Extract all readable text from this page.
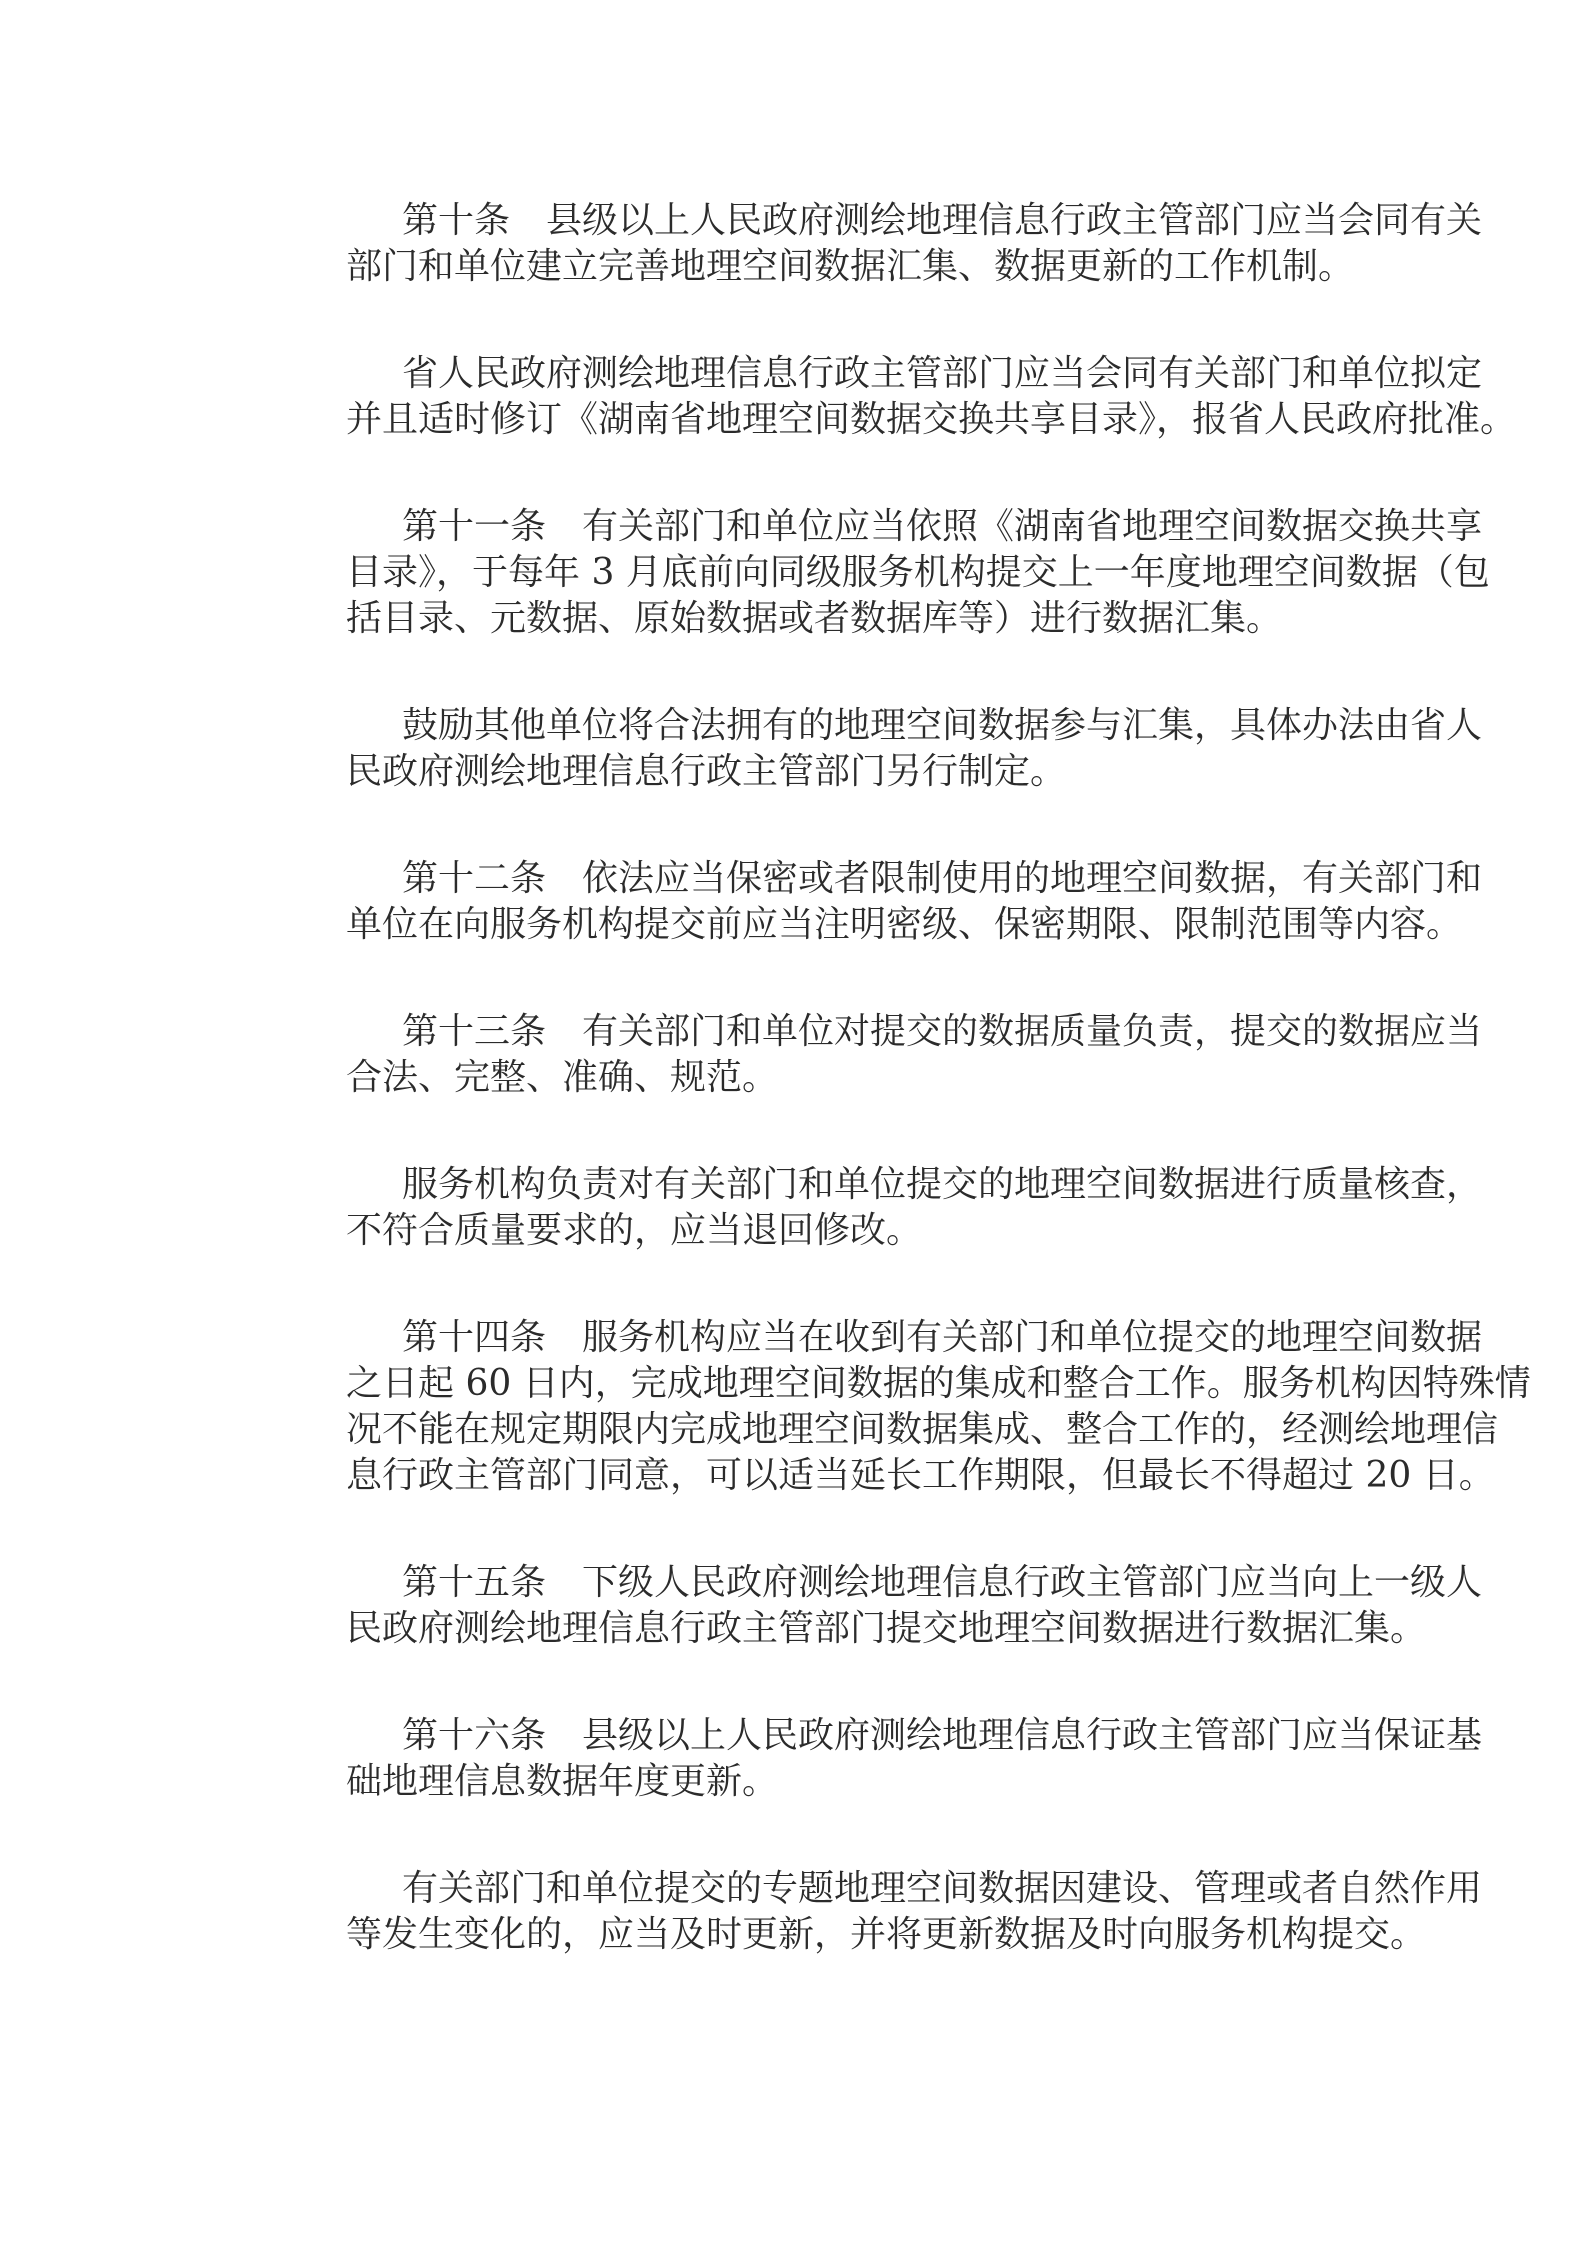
第十条　县级以上人民政府测绘地理信息行政主管部门应当会同有关
部门和单位建立完善地理空间数据汇集、数据更新的工作机制。
省人民政府测绘地理信息行政主管部门应当会同有关部门和单位拟定
并且适时修订《湖南省地理空间数据交换共享目录》，报省人民政府批准。
第十一条　有关部门和单位应当依照《湖南省地理空间数据交换共享
目录》，于每年 3 月底前向同级服务机构提交上一年度地理空间数据（包
括目录、元数据、原始数据或者数据库等）进行数据汇集。
鼓励其他单位将合法拥有的地理空间数据参与汇集，具体办法由省人
民政府测绘地理信息行政主管部门另行制定。
第十二条　依法应当保密或者限制使用的地理空间数据，有关部门和
单位在向服务机构提交前应当注明密级、保密期限、限制范围等内容。
第十三条　有关部门和单位对提交的数据质量负责，提交的数据应当
合法、完整、准确、规范。
服务机构负责对有关部门和单位提交的地理空间数据进行质量核查，
不符合质量要求的，应当退回修改。
第十四条　服务机构应当在收到有关部门和单位提交的地理空间数据
之日起 60 日内，完成地理空间数据的集成和整合工作。服务机构因特殊情
况不能在规定期限内完成地理空间数据集成、整合工作的，经测绘地理信
息行政主管部门同意，可以适当延长工作期限，但最长不得超过 20 日。
第十五条　下级人民政府测绘地理信息行政主管部门应当向上一级人
民政府测绘地理信息行政主管部门提交地理空间数据进行数据汇集。
第十六条　县级以上人民政府测绘地理信息行政主管部门应当保证基
础地理信息数据年度更新。
有关部门和单位提交的专题地理空间数据因建设、管理或者自然作用
等发生变化的，应当及时更新，并将更新数据及时向服务机构提交。
